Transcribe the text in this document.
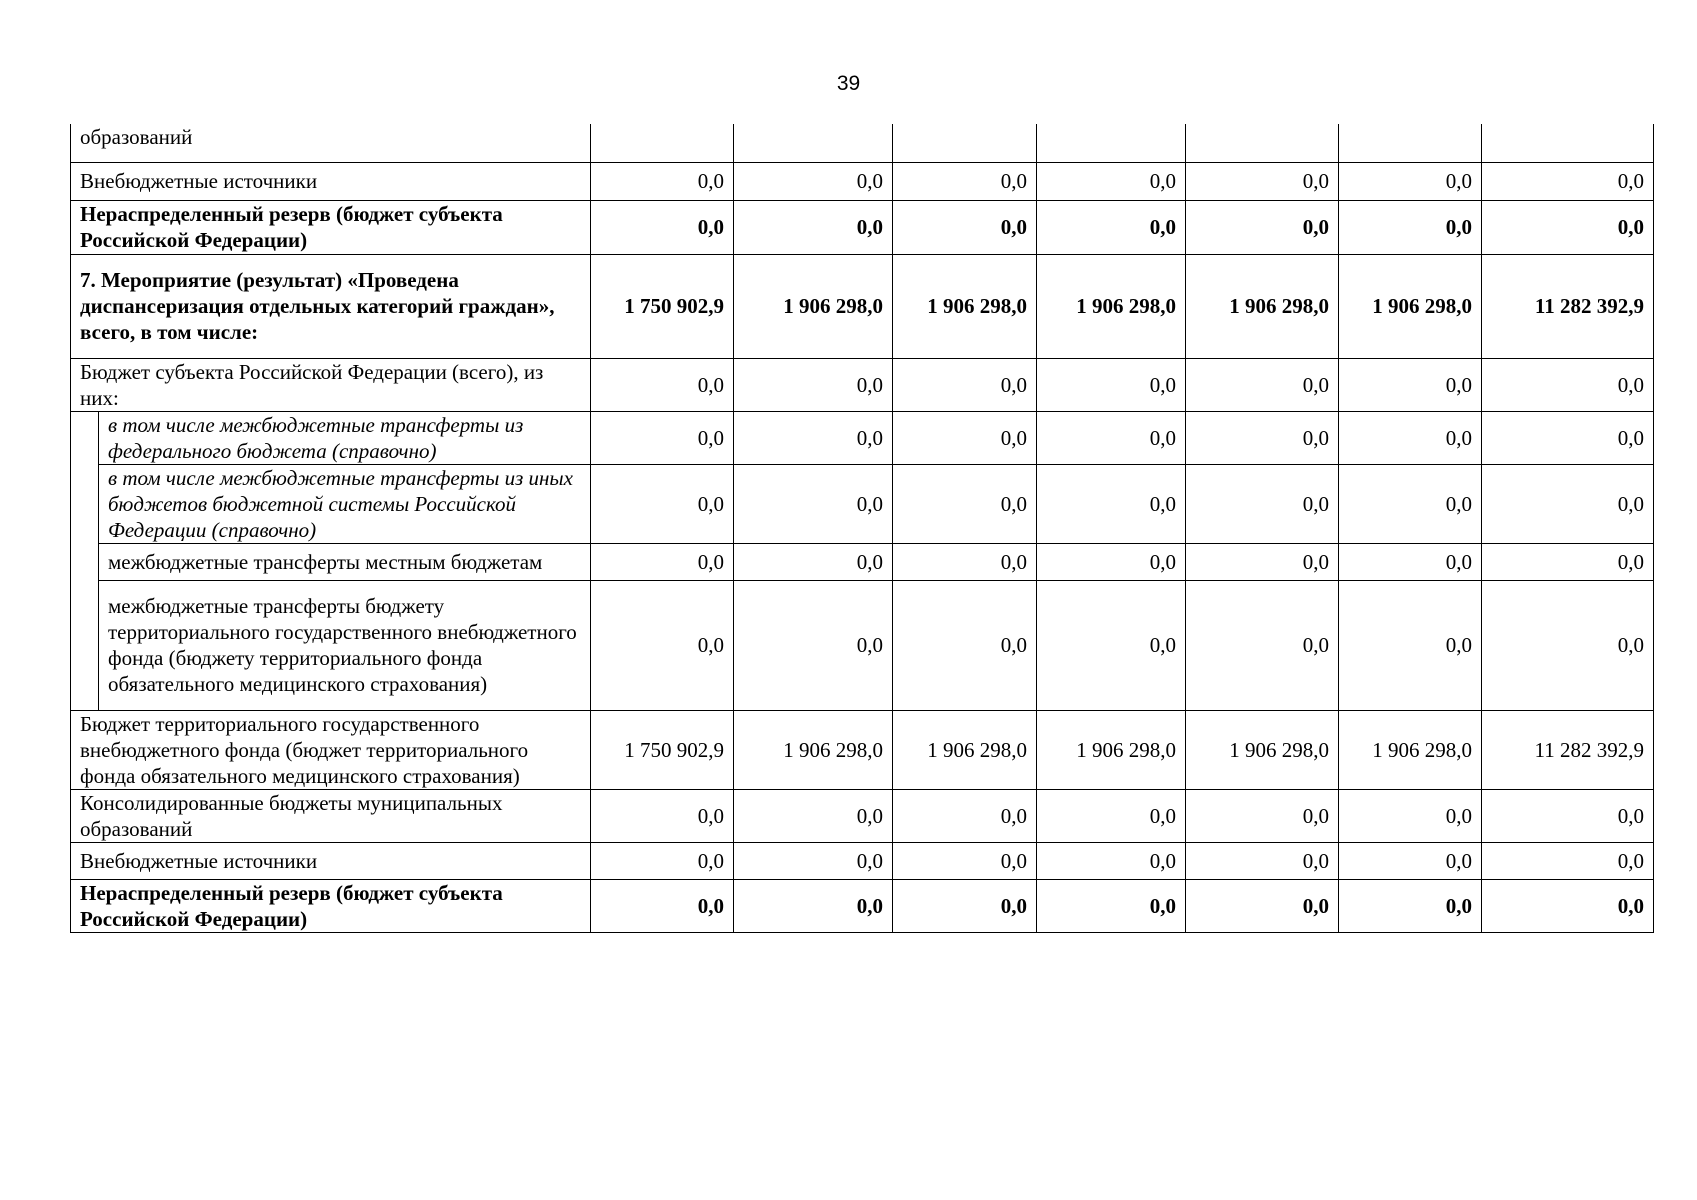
39
образований								
Внебюджетные источники		0,0	0,0	0,0	0,0	0,0	0,0	0,0
Нераспределенный резерв (бюджет субъекта Российской Федерации)		0,0	0,0	0,0	0,0	0,0	0,0	0,0
7. Мероприятие (результат) «Проведена диспансеризация отдельных категорий граждан», всего, в том числе:		1 750 902,9	1 906 298,0	1 906 298,0	1 906 298,0	1 906 298,0	1 906 298,0	11 282 392,9
Бюджет субъекта Российской Федерации (всего), из них:		0,0	0,0	0,0	0,0	0,0	0,0	0,0
	в том числе межбюджетные трансферты из федерального бюджета (справочно)	0,0	0,0	0,0	0,0	0,0	0,0	0,0
	в том числе межбюджетные трансферты из иных бюджетов бюджетной системы Российской Федерации (справочно)	0,0	0,0	0,0	0,0	0,0	0,0	0,0
	межбюджетные трансферты местным бюджетам	0,0	0,0	0,0	0,0	0,0	0,0	0,0
	межбюджетные трансферты бюджету территориального государственного внебюджетного фонда (бюджету территориального фонда обязательного медицинского страхования)	0,0	0,0	0,0	0,0	0,0	0,0	0,0
Бюджет территориального государственного внебюджетного фонда (бюджет территориального фонда обязательного медицинского страхования)		1 750 902,9	1 906 298,0	1 906 298,0	1 906 298,0	1 906 298,0	1 906 298,0	11 282 392,9
Консолидированные бюджеты муниципальных образований		0,0	0,0	0,0	0,0	0,0	0,0	0,0
Внебюджетные источники		0,0	0,0	0,0	0,0	0,0	0,0	0,0
Нераспределенный резерв (бюджет субъекта Российской Федерации)		0,0	0,0	0,0	0,0	0,0	0,0	0,0
